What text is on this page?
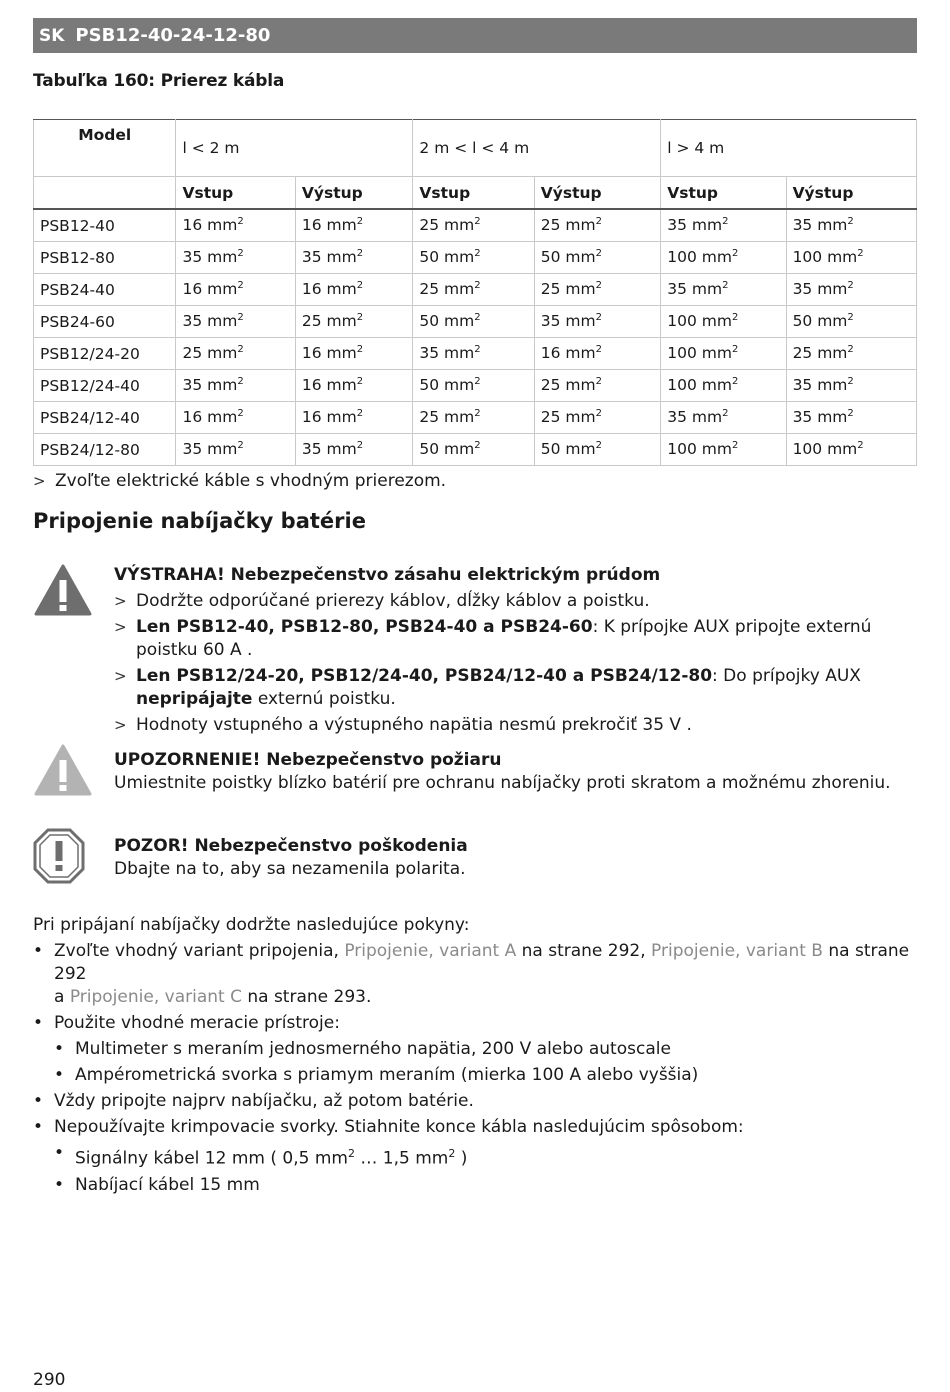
SK PSB12-40-24-12-80
Tabuľka 160: Prierez kábla
Model	l < 2 m		2 m < l < 4 m		l > 4 m	
	Vstup	Výstup	Vstup	Výstup	Vstup	Výstup
PSB12-40	16 $mm^2$	16 $mm^2$	25 $mm^2$	25 $mm^2$	35 $mm^2$	35 $mm^2$
PSB12-80	35 $mm^2$	35 $mm^2$	50 $mm^2$	50 $mm^2$	100 $mm^2$	100 $mm^2$
PSB24-40	16 $mm^2$	16 $mm^2$	25 $mm^2$	25 $mm^2$	35 $mm^2$	35 $mm^2$
PSB24-60	35 $mm^2$	25 $mm^2$	50 $mm^2$	35 $mm^2$	100 $mm^2$	50 $mm^2$
PSB12/24-20	25 $mm^2$	16 $mm^2$	35 $mm^2$	16 $mm^2$	100 $mm^2$	25 $mm^2$
PSB12/24-40	35 $mm^2$	16 $mm^2$	50 $mm^2$	25 $mm^2$	100 $mm^2$	35 $mm^2$
PSB24/12-40	16 $mm^2$	16 $mm^2$	25 $mm^2$	25 $mm^2$	35 $mm^2$	35 $mm^2$
PSB24/12-80	35 $mm^2$	35 $mm^2$	50 $mm^2$	50 $mm^2$	100 $mm^2$	100 $mm^2$
> Zvoľte elektrické káble s vhodným prierezom.
Pripojenie nabíjačky batérie
VÝSTRAHA! Nebezpečenstvo zásahu elektrickým prúdom
> Dodržte odporúčané prierezy káblov, dĺžky káblov a poistku.
> Len PSB12-40, PSB12-80, PSB24-40 a PSB24-60: K prípojke AUX pripojte externú poistku 60 A .
> Len PSB12/24-20, PSB12/24-40, PSB24/12-40 a PSB24/12-80: Do prípojky AUX
nepripájajte externú poistku.
> Hodnoty vstupného a výstupného napätia nesmú prekročiť 35 V .
UPOZORNENIE! Nebezpečenstvo požiaru
Umiestnite poistky blízko batérií pre ochranu nabíjačky proti skratom a možnému zhoreniu.
POZOR! Nebezpečenstvo poškodenia
Dbajte na to, aby sa nezamenila polarita.
Pri pripájaní nabíjačky dodržte nasledujúce pokyny:
• Zvoľte vhodný variant pripojenia, Pripojenie, variant A na strane 292, Pripojenie, variant B na strane 292
a Pripojenie, variant C na strane 293.
• Použite vhodné meracie prístroje:
• Multimeter s meraním jednosmerného napätia, 200 V alebo autoscale
• Ampérometrická svorka s priamym meraním (mierka 100 A alebo vyššia)
• Vždy pripojte najprv nabíjačku, až potom batérie.
• Nepoužívajte krimpovacie svorky. Stiahnite konce kábla nasledujúcim spôsobom:
• Signálny kábel 12 mm ( 0,5 $mm^2$ … 1,5 $mm^2$ )
• Nabíjací kábel 15 mm
290
